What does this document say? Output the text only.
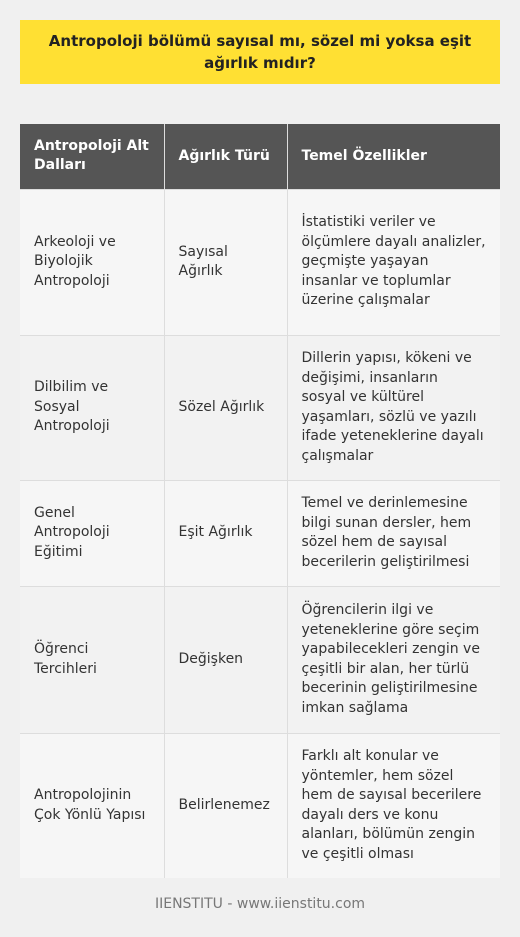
Antropoloji bölümü sayısal mı, sözel mi yoksa eşit ağırlık mıdır?
Antropoloji Alt Dalları	Ağırlık Türü	Temel Özellikler
Arkeoloji ve Biyolojik Antropoloji	Sayısal Ağırlık	İstatistiki veriler ve ölçümlere dayalı analizler, geçmişte yaşayan insanlar ve toplumlar üzerine çalışmalar
Dilbilim ve Sosyal Antropoloji	Sözel Ağırlık	Dillerin yapısı, kökeni ve değişimi, insanların sosyal ve kültürel yaşamları, sözlü ve yazılı ifade yeteneklerine dayalı çalışmalar
Genel Antropoloji Eğitimi	Eşit Ağırlık	Temel ve derinlemesine bilgi sunan dersler, hem sözel hem de sayısal becerilerin geliştirilmesi
Öğrenci Tercihleri	Değişken	Öğrencilerin ilgi ve yeteneklerine göre seçim yapabilecekleri zengin ve çeşitli bir alan, her türlü becerinin geliştirilmesine imkan sağlama
Antropolojinin Çok Yönlü Yapısı	Belirlenemez	Farklı alt konular ve yöntemler, hem sözel hem de sayısal becerilere dayalı ders ve konu alanları, bölümün zengin ve çeşitli olması
IIENSTITU - www.iienstitu.com
